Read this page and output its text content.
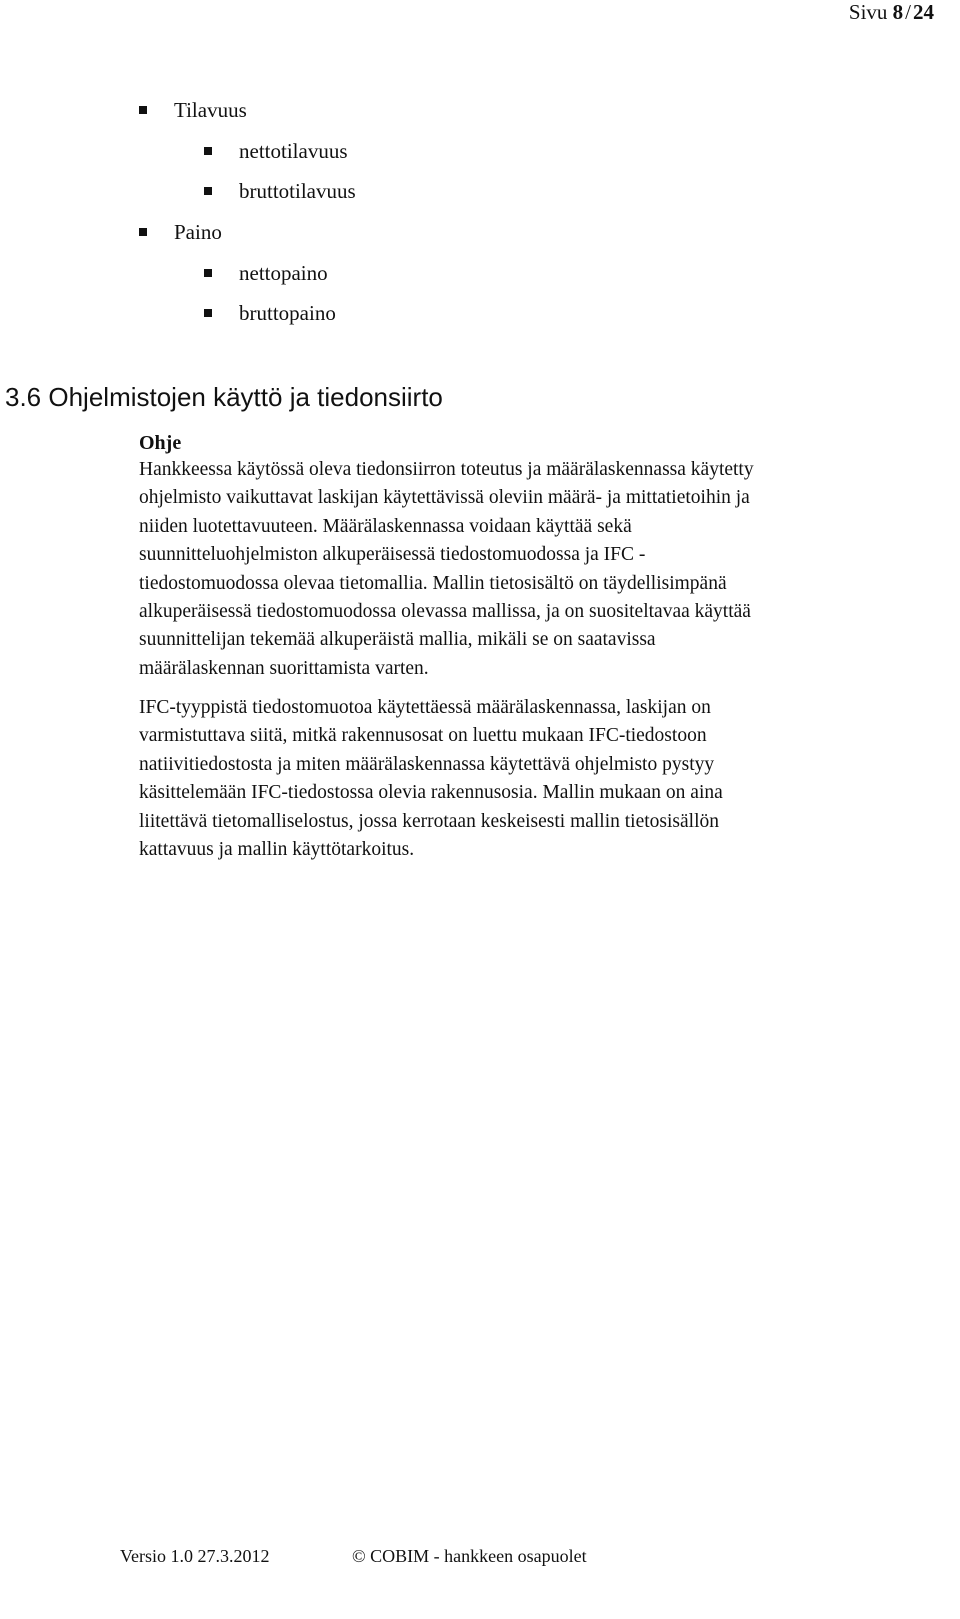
Sivu 8/24
Tilavuus
nettotilavuus
bruttotilavuus
Paino
nettopaino
bruttopaino
3.6 Ohjelmistojen käyttö ja tiedonsiirto
Ohje
Hankkeessa käytössä oleva tiedonsiirron toteutus ja määrälaskennassa käytetty
ohjelmisto vaikuttavat laskijan käytettävissä oleviin määrä- ja mittatietoihin ja
niiden luotettavuuteen. Määrälaskennassa voidaan käyttää sekä
suunnitteluohjelmiston alkuperäisessä tiedostomuodossa ja IFC -
tiedostomuodossa olevaa tietomallia. Mallin tietosisältö on täydellisimpänä
alkuperäisessä tiedostomuodossa olevassa mallissa, ja on suositeltavaa käyttää
suunnittelijan tekemää alkuperäistä mallia, mikäli se on saatavissa
määrälaskennan suorittamista varten.
IFC-tyyppistä tiedostomuotoa käytettäessä määrälaskennassa, laskijan on
varmistuttava siitä, mitkä rakennusosat on luettu mukaan IFC-tiedostoon
natiivitiedostosta ja miten määrälaskennassa käytettävä ohjelmisto pystyy
käsittelemään IFC-tiedostossa olevia rakennusosia. Mallin mukaan on aina
liitettävä tietomalliselostus, jossa kerrotaan keskeisesti mallin tietosisällön
kattavuus ja mallin käyttötarkoitus.
Versio 1.0 27.3.2012	© COBIM - hankkeen osapuolet
